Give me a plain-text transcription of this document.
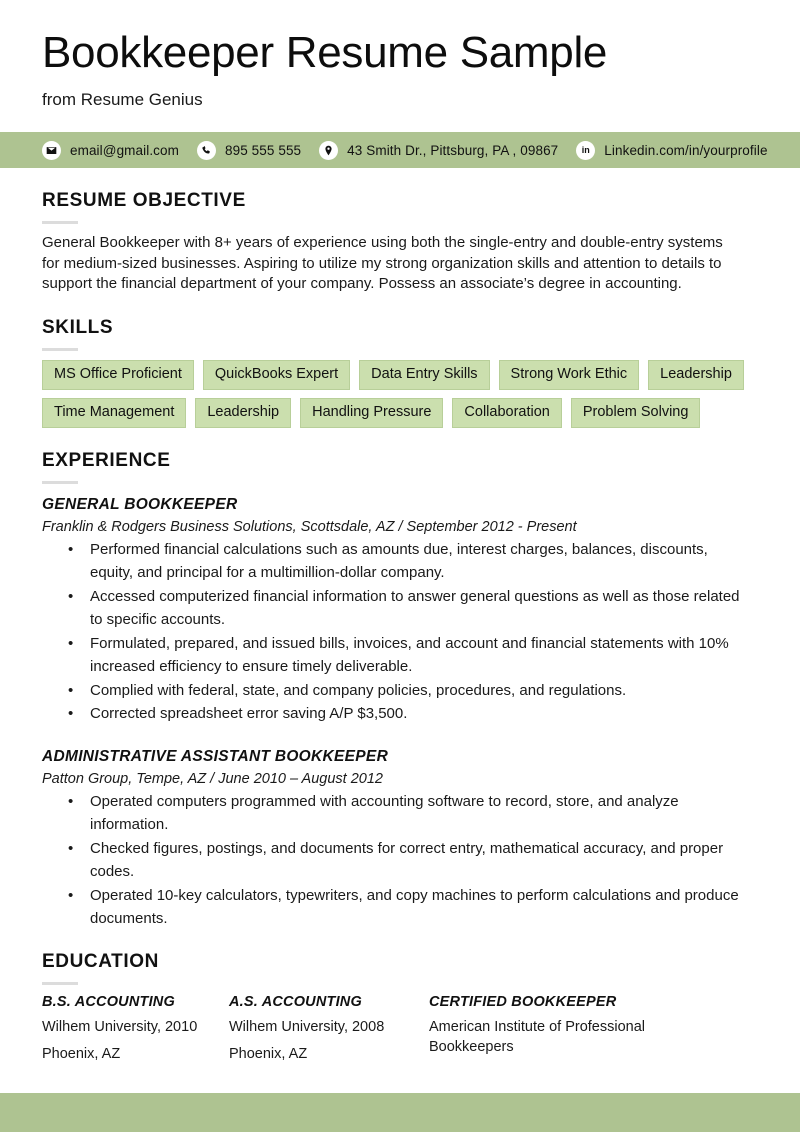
Bookkeeper Resume Sample
from Resume Genius
email@gmail.com	895 555 555	43 Smith Dr., Pittsburg, PA , 09867	in Linkedin.com/in/yourprofile
RESUME OBJECTIVE

General Bookkeeper with 8+ years of experience using both the single-entry and double-entry systems for medium-sized businesses. Aspiring to utilize my strong organization skills and attention to details to support the financial department of your company. Possess an associate’s degree in accounting.

SKILLS
MS Office Proficient	QuickBooks Expert	Data Entry Skills	Strong Work Ethic	Leadership
Time Management	Leadership	Handling Pressure	Collaboration	Problem Solving
EXPERIENCE
GENERAL BOOKKEEPER
Franklin & Rodgers Business Solutions, Scottsdale, AZ / September 2012 - Present
• Performed financial calculations such as amounts due, interest charges, balances, discounts, equity, and principal for a multimillion-dollar company.
• Accessed computerized financial information to answer general questions as well as those related to specific accounts.
• Formulated, prepared, and issued bills, invoices, and account and financial statements with 10% increased efficiency to ensure timely deliverable.
• Complied with federal, state, and company policies, procedures, and regulations.
• Corrected spreadsheet error saving A/P $3,500.
ADMINISTRATIVE ASSISTANT BOOKKEEPER
Patton Group, Tempe, AZ / June 2010 – August 2012
• Operated computers programmed with accounting software to record, store, and analyze information.
• Checked figures, postings, and documents for correct entry, mathematical accuracy, and proper codes.
• Operated 10-key calculators, typewriters, and copy machines to perform calculations and produce documents.
EDUCATION
B.S. ACCOUNTING
Wilhem University, 2010
Phoenix, AZ
A.S. ACCOUNTING
Wilhem University, 2008
Phoenix, AZ
CERTIFIED BOOKKEEPER
American Institute of Professional Bookkeepers
